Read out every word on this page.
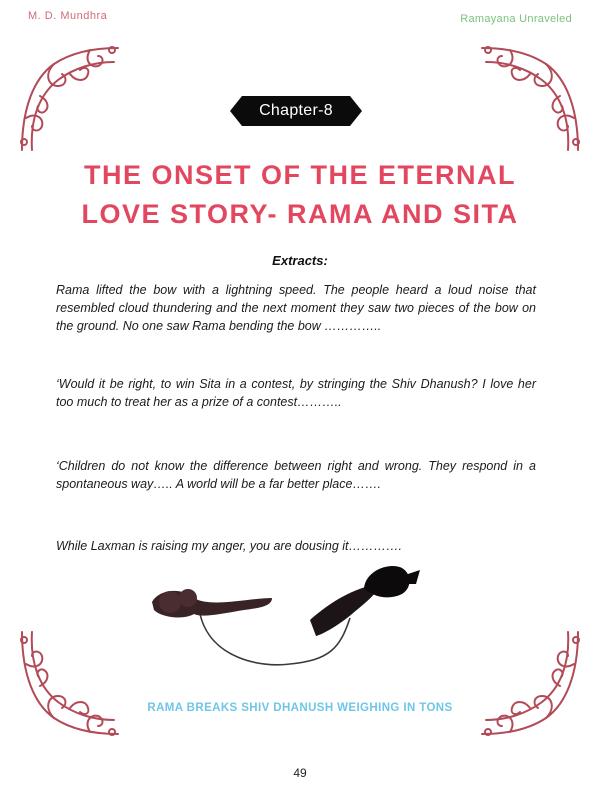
M. D. Mundhra	Ramayana Unraveled
Chapter-8
THE ONSET OF THE ETERNAL
LOVE STORY- RAMA AND SITA
Extracts:
Rama lifted the bow with a lightning speed. The people heard a loud noise that resembled cloud thundering and the next moment they saw two pieces of the bow on the ground. No one saw Rama bending the bow …………..
‘Would it be right, to win Sita in a contest, by stringing the Shiv Dhanush? I love her too much to treat her as a prize of a contest………..
‘Children do not know the difference between right and wrong. They respond in a spontaneous way….. A world will be a far better place…….
While Laxman is raising my anger, you are dousing it………….
RAMA BREAKS SHIV DHANUSH WEIGHING IN TONS
49
